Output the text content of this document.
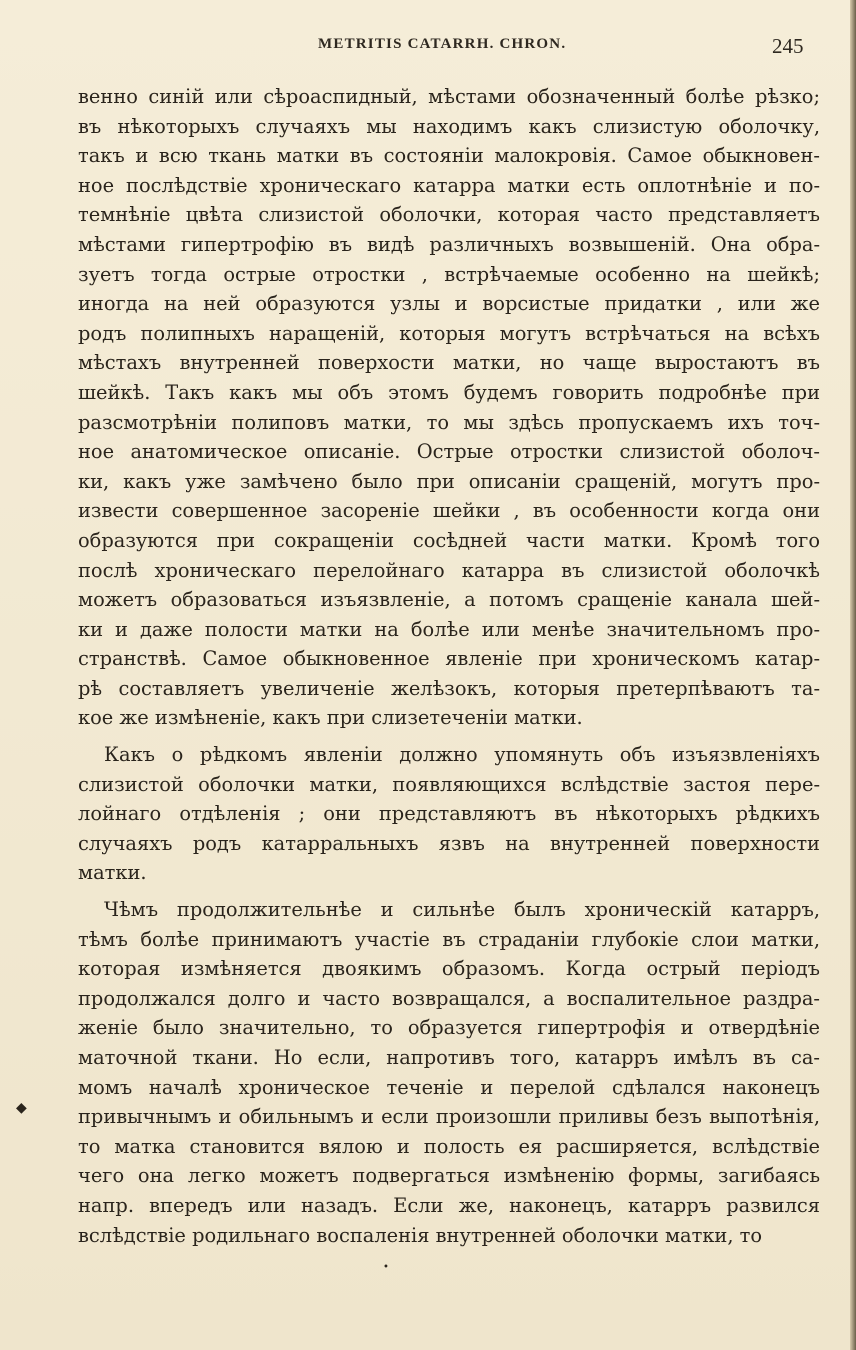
METRITIS CATARRH. CHRON.	245
венно синій или сѣроаспидный, мѣстами обозначенный болѣе рѣзко;
въ нѣкоторыхъ случаяхъ мы находимъ какъ слизистую оболочку,
такъ и всю ткань матки въ состояніи малокровія. Самое обыкновен-
ное послѣдствіе хроническаго катарра матки есть оплотнѣніе и по-
темнѣніе цвѣта слизистой оболочки, которая часто представляетъ
мѣстами гипертрофію въ видѣ различныхъ возвышеній. Она обра-
зуетъ тогда острые отростки , встрѣчаемые особенно на шейкѣ;
иногда на ней образуются узлы и ворсистые придатки , или же
родъ полипныхъ наращеній, которыя могутъ встрѣчаться на всѣхъ
мѣстахъ внутренней поверхости матки, но чаще выростаютъ въ
шейкѣ. Такъ какъ мы объ этомъ будемъ говорить подробнѣе при
разсмотрѣніи полиповъ матки, то мы здѣсь пропускаемъ ихъ точ-
ное анатомическое описаніе. Острые отростки слизистой оболоч-
ки, какъ уже замѣчено было при описаніи сращеній, могутъ про-
извести совершенное засореніе шейки , въ особенности когда они
образуются при сокращеніи сосѣдней части матки. Кромѣ того
послѣ хроническаго перелойнаго катарра въ слизистой оболочкѣ
можетъ образоваться изъязвленіе, а потомъ сращеніе канала шей-
ки и даже полости матки на болѣе или менѣе значительномъ про-
странствѣ. Самое обыкновенное явленіе при хроническомъ катар-
рѣ составляетъ увеличеніе желѣзокъ, которыя претерпѣваютъ та-
кое же измѣненіе, какъ при слизетеченіи матки.
Какъ о рѣдкомъ явленіи должно упомянуть объ изъязвленіяхъ
слизистой оболочки матки, появляющихся вслѣдствіе застоя пере-
лойнаго отдѣленія ; они представляютъ въ нѣкоторыхъ рѣдкихъ
случаяхъ родъ катарральныхъ язвъ на внутренней поверхности
матки.
Чѣмъ продолжительнѣе и сильнѣе былъ хроническій катарръ,
тѣмъ болѣе принимаютъ участіе въ страданіи глубокіе слои матки,
которая измѣняется двоякимъ образомъ. Когда острый періодъ
продолжался долго и часто возвращался, а воспалительное раздра-
женіе было значительно, то образуется гипертрофія и отвердѣніе
маточной ткани. Но если, напротивъ того, катарръ имѣлъ въ са-
момъ началѣ хроническое теченіе и перелой сдѣлался наконецъ
привычнымъ и обильнымъ и если произошли приливы безъ выпотѣнія,
то матка становится вялою и полость ея расширяется, вслѣдствіе
чего она легко можетъ подвергаться измѣненію формы, загибаясь
напр. впередъ или назадъ. Если же, наконецъ, катарръ развился
вслѣдствіе родильнаго воспаленія внутренней оболочки матки, то
◆
•
